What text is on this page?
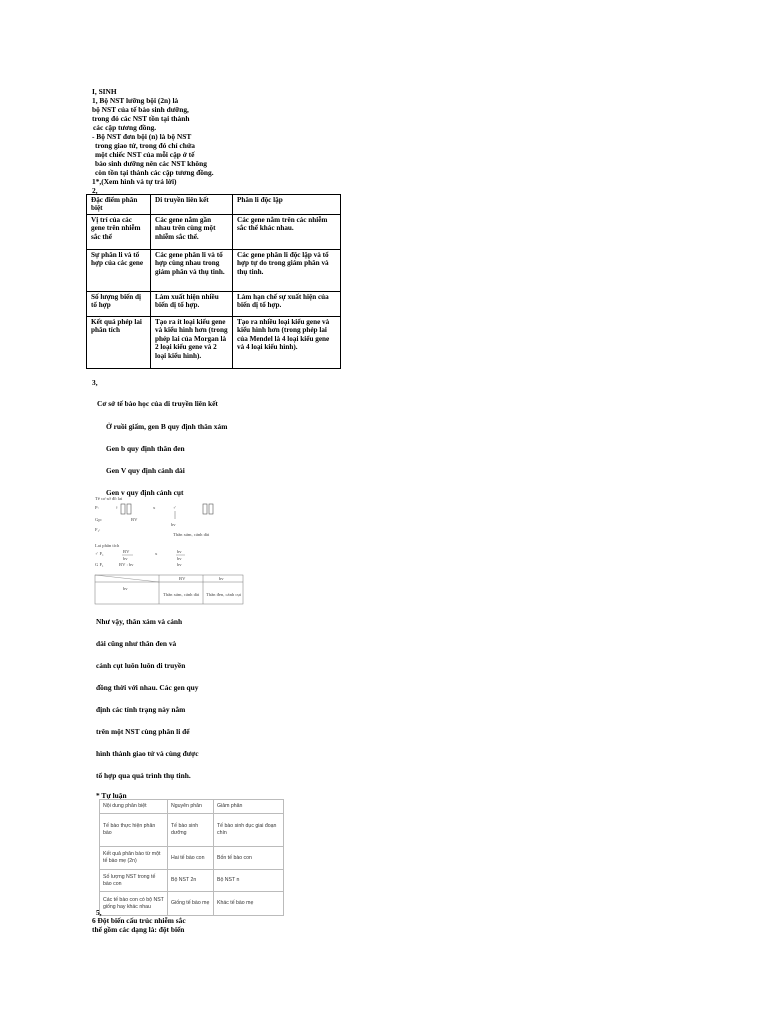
I, SINH
1, Bộ NST lưỡng bội (2n) là
bộ NST của tế bào sinh dưỡng,
trong đó các NST tồn tại thành
các cặp tương đồng.
- Bộ NST đơn bội (n) là bộ NST
trong giao tử, trong đó chỉ chứa
một chiếc NST của mỗi cặp ở tế
bào sinh dưỡng nên các NST không
còn tồn tại thành các cặp tương đồng.
1*,(Xem hình và tự trả lời)
2,
Đặc điểm phân biệt	Di truyền liên kết	Phân li độc lập
Vị trí của các gene trên nhiễm sắc thể	Các gene nằm gần nhau trên cùng một nhiễm sắc thể.	Các gene nằm trên các nhiễm sắc thể khác nhau.
Sự phân li và tổ hợp của các gene	Các gene phân li và tổ hợp cùng nhau trong giảm phân và thụ tinh.	Các gene phân li độc lập và tổ hợp tự do trong giảm phân và thụ tinh.
Số lượng biến dị tổ hợp	Làm xuất hiện nhiều biến dị tổ hợp.	Làm hạn chế sự xuất hiện của biến dị tổ hợp.
Kết quả phép lai phân tích	Tạo ra ít loại kiểu gene và kiểu hình hơn (trong phép lai của Morgan là 2 loại kiểu gene và 2 loại kiểu hình).	Tạo ra nhiều loại kiểu gene và kiểu hình hơn (trong phép lai của Mendel là 4 loại kiểu gene và 4 loại kiểu hình).
3,
Cơ sở tế bào học của di truyền liên kết
Ở ruồi giấm, gen B quy định thân xám
Gen b quy định thân đen
Gen V quy định cánh dài
Gen v quy định cánh cụt
Tế cơ sở đồ lai
P:	♀	x	♂
Gp:	BV
bv
F₁:
Thân xám, cánh dài
Lai phân tích
♂ F₁	BV
bv
x	bv
bv
G F₁	BV : bv	bv
BV	bv
bv
Thân xám, cánh dài Thân đen, cánh cụt
Như vậy, thân xám và cánh
dài cũng như thân đen và
cánh cụt luôn luôn di truyền
đồng thời với nhau. Các gen quy
định các tính trạng này nằm
trên một NST cùng phân li để
hình thành giao tử và cùng được
tổ hợp qua quá trình thụ tinh.
* Tự luận
Nội dung phân biệt	Nguyên phân	Giảm phân
Tế bào thực hiện phân bào	Tế bào sinh dưỡng	Tế bào sinh dục giai đoạn chín
Kết quả phân bào từ một tế bào mẹ (2n)	Hai tế bào con	Bốn tế bào con
Số lượng NST trong tế bào con	Bộ NST 2n	Bộ NST n
Các tế bào con có bộ NST giống hay khác nhau	Giống tế bào mẹ	Khác tế bào mẹ
5,
6 Đột biến cấu trúc nhiễm sắc
thể gồm các dạng là: đột biến
